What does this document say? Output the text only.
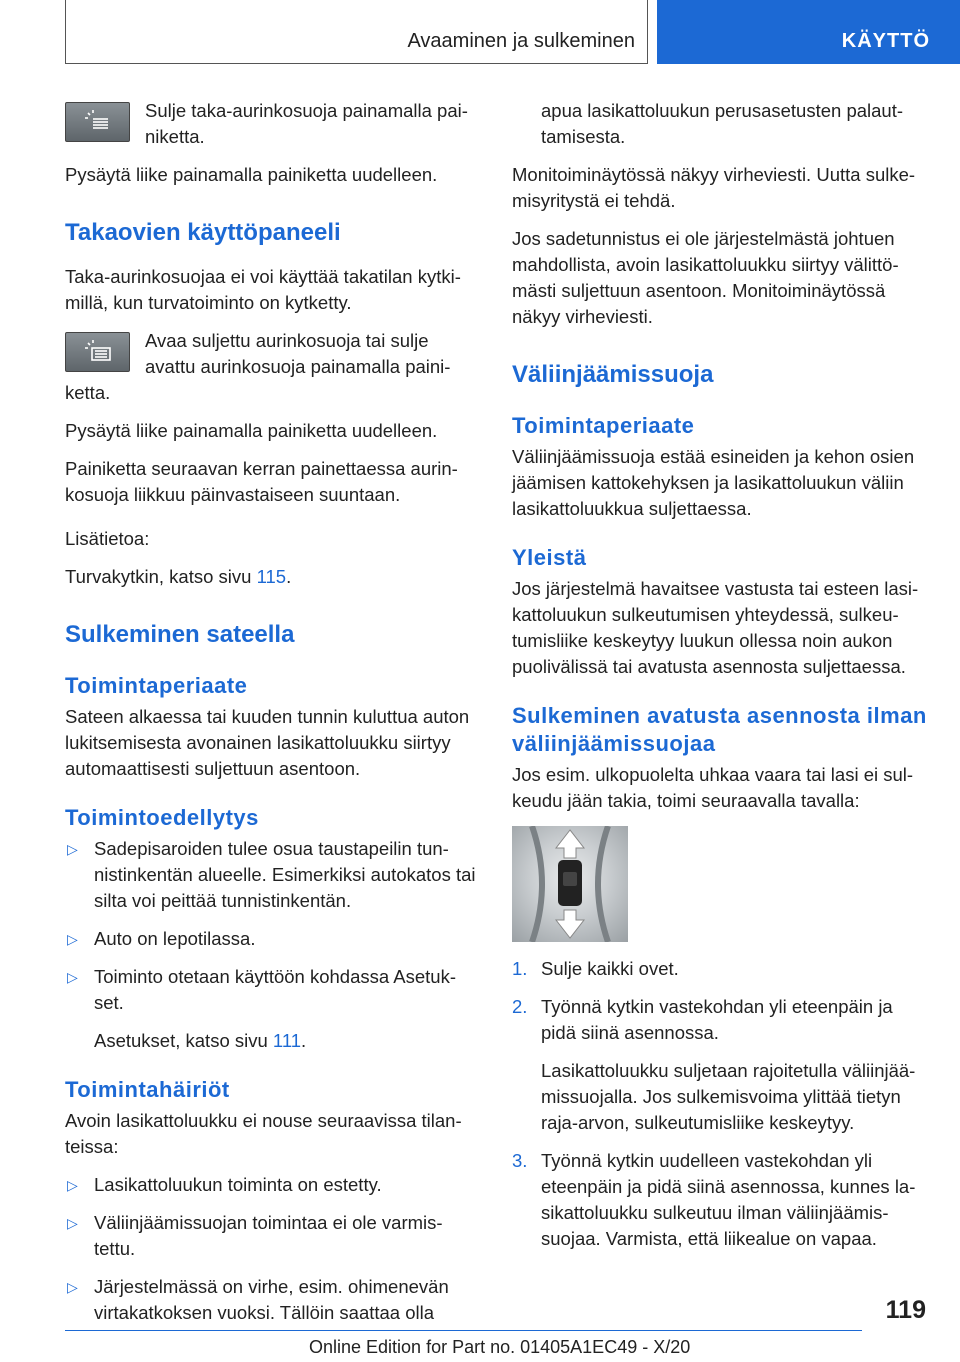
Avaaminen ja sulkeminen	KÄYTTÖ

Sulje taka-aurinkosuoja painamalla pai-niketta.

Pysäytä liike painamalla painiketta uudelleen.

Takaovien käyttöpaneeli

Taka-aurinkosuojaa ei voi käyttää takatilan kytki-millä, kun turvatoiminto on kytketty.

Avaa suljettu aurinkosuoja tai sulje avattu aurinkosuoja painamalla paini-ketta.

Pysäytä liike painamalla painiketta uudelleen.

Painiketta seuraavan kerran painettaessa aurin-kosuoja liikkuu päinvastaiseen suuntaan.

Lisätietoa:

Turvakytkin, katso sivu 115.

Sulkeminen sateella
Toimintaperiaate

Sateen alkaessa tai kuuden tunnin kuluttua auton lukitsemisesta avonainen lasikattoluukku siirtyy automaattisesti suljettuun asentoon.

Toimintoedellytys

▷ Sadepisaroiden tulee osua taustapeilin tun-nistinkentän alueelle. Esimerkiksi autokatos tai silta voi peittää tunnistinkentän.

▷ Auto on lepotilassa.

▷ Toiminto otetaan käyttöön kohdassa Asetuk-set.

Asetukset, katso sivu 111.

Toimintahäiriöt

Avoin lasikattoluukku ei nouse seuraavissa tilan-teissa:

▷ Lasikattoluukun toiminta on estetty.

▷ Väliinjäämissuojan toimintaa ei ole varmis-tettu.

▷ Järjestelmässä on virhe, esim. ohimenevän virtakatkoksen vuoksi. Tällöin saattaa olla

apua lasikattoluukun perusasetusten palaut-tamisesta.

Monitoiminäytössä näkyy virheviesti. Uutta sulke-misyritystä ei tehdä.

Jos sadetunnistus ei ole järjestelmästä johtuen mahdollista, avoin lasikattoluukku siirtyy välittö-mästi suljettuun asentoon. Monitoiminäytössä näkyy virheviesti.

Väliinjäämissuoja
Toimintaperiaate

Väliinjäämissuoja estää esineiden ja kehon osien jäämisen kattokehyksen ja lasikattoluukun väliin lasikattoluukkua suljettaessa.

Yleistä

Jos järjestelmä havaitsee vastusta tai esteen lasi-kattoluukun sulkeutumisen yhteydessä, sulkeu-tumisliike keskeytyy luukun ollessa noin aukon puolivälissä tai avatusta asennosta suljettaessa.

Sulkeminen avatusta asennosta ilman väliinjäämissuojaa

Jos esim. ulkopuolelta uhkaa vaara tai lasi ei sul-keudu jään takia, toimi seuraavalla tavalla:

1. Sulje kaikki ovet.

2. Työnnä kytkin vastekohdan yli eteenpäin ja pidä siinä asennossa.

Lasikattoluukku suljetaan rajoitetulla väliinjää-missuojalla. Jos sulkemisvoima ylittää tietyn raja-arvon, sulkeutumisliike keskeytyy.

3. Työnnä kytkin uudelleen vastekohdan yli eteenpäin ja pidä siinä asennossa, kunnes la-sikattoluukku sulkeutuu ilman väliinjäämis-suojaa. Varmista, että liikealue on vapaa.

119
Online Edition for Part no. 01405A1EC49 - X/20
